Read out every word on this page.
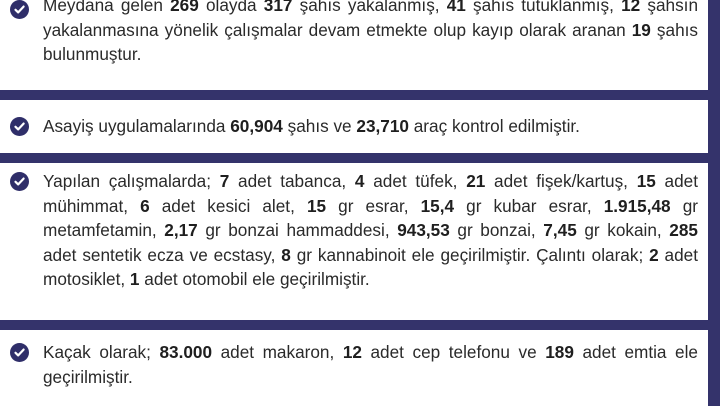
Meydana gelen 269 olayda 317 şahıs yakalanmış, 41 şahıs tutuklanmış, 12 şahsın yakalanmasına yönelik çalışmalar devam etmekte olup kayıp olarak aranan 19 şahıs bulunmuştur.
Asayiş uygulamalarında 60,904 şahıs ve 23,710 araç kontrol edilmiştir.
Yapılan çalışmalarda; 7 adet tabanca, 4 adet tüfek, 21 adet fişek/kartuş, 15 adet mühimmat, 6 adet kesici alet, 15 gr esrar, 15,4 gr kubar esrar, 1.915,48 gr metamfetamin, 2,17 gr bonzai hammaddesi, 943,53 gr bonzai, 7,45 gr kokain, 285 adet sentetik ecza ve ecstasy, 8 gr kannabinoit ele geçirilmiştir. Çalıntı olarak; 2 adet motosiklet, 1 adet otomobil ele geçirilmiştir.
Kaçak olarak; 83.000 adet makaron, 12 adet cep telefonu ve 189 adet emtia ele geçirilmiştir.
